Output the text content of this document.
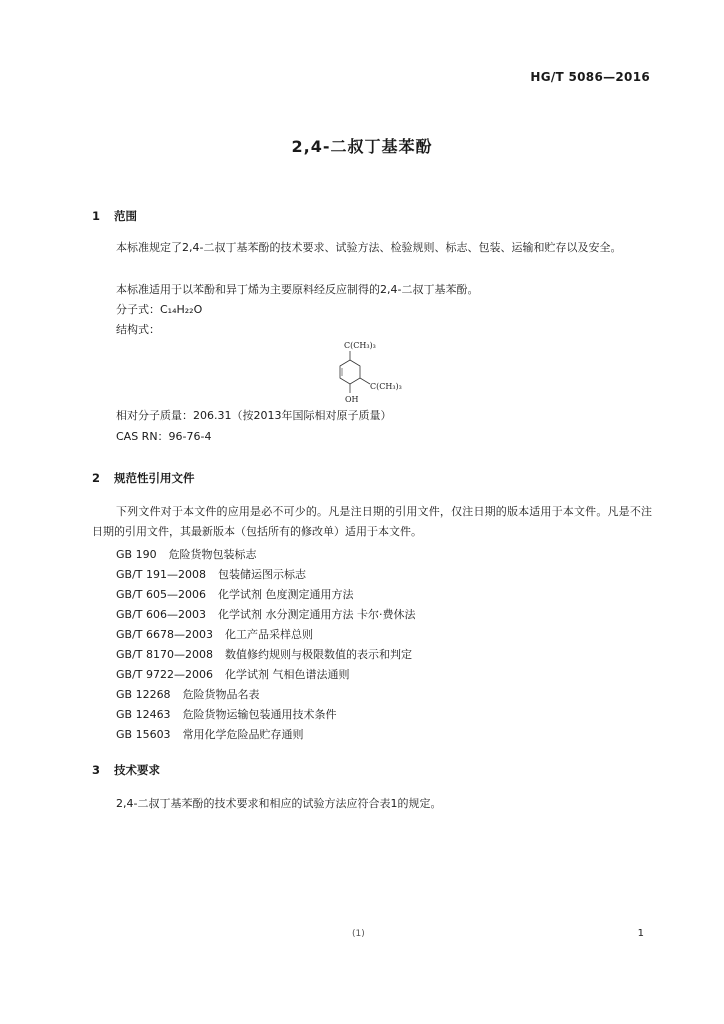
HG/T 5086—2016
2,4-二叔丁基苯酚
1 范围
本标准规定了2,4-二叔丁基苯酚的技术要求、试验方法、检验规则、标志、包装、运输和贮存以及安全。
本标准适用于以苯酚和异丁烯为主要原料经反应制得的2,4-二叔丁基苯酚。
分子式：C₁₄H₂₂O
结构式：
C(CH₃)₃
C(CH₃)₃
OH
相对分子质量：206.31（按2013年国际相对原子质量）
CAS RN：96-76-4
2 规范性引用文件
下列文件对于本文件的应用是必不可少的。凡是注日期的引用文件，仅注日期的版本适用于本文件。凡是不注日期的引用文件，其最新版本（包括所有的修改单）适用于本文件。
GB 190 危险货物包装标志
GB/T 191—2008 包装储运图示标志
GB/T 605—2006 化学试剂 色度测定通用方法
GB/T 606—2003 化学试剂 水分测定通用方法 卡尔·费休法
GB/T 6678—2003 化工产品采样总则
GB/T 8170—2008 数值修约规则与极限数值的表示和判定
GB/T 9722—2006 化学试剂 气相色谱法通则
GB 12268 危险货物品名表
GB 12463 危险货物运输包装通用技术条件
GB 15603 常用化学危险品贮存通则
3 技术要求
2,4-二叔丁基苯酚的技术要求和相应的试验方法应符合表1的规定。
(1)	1
